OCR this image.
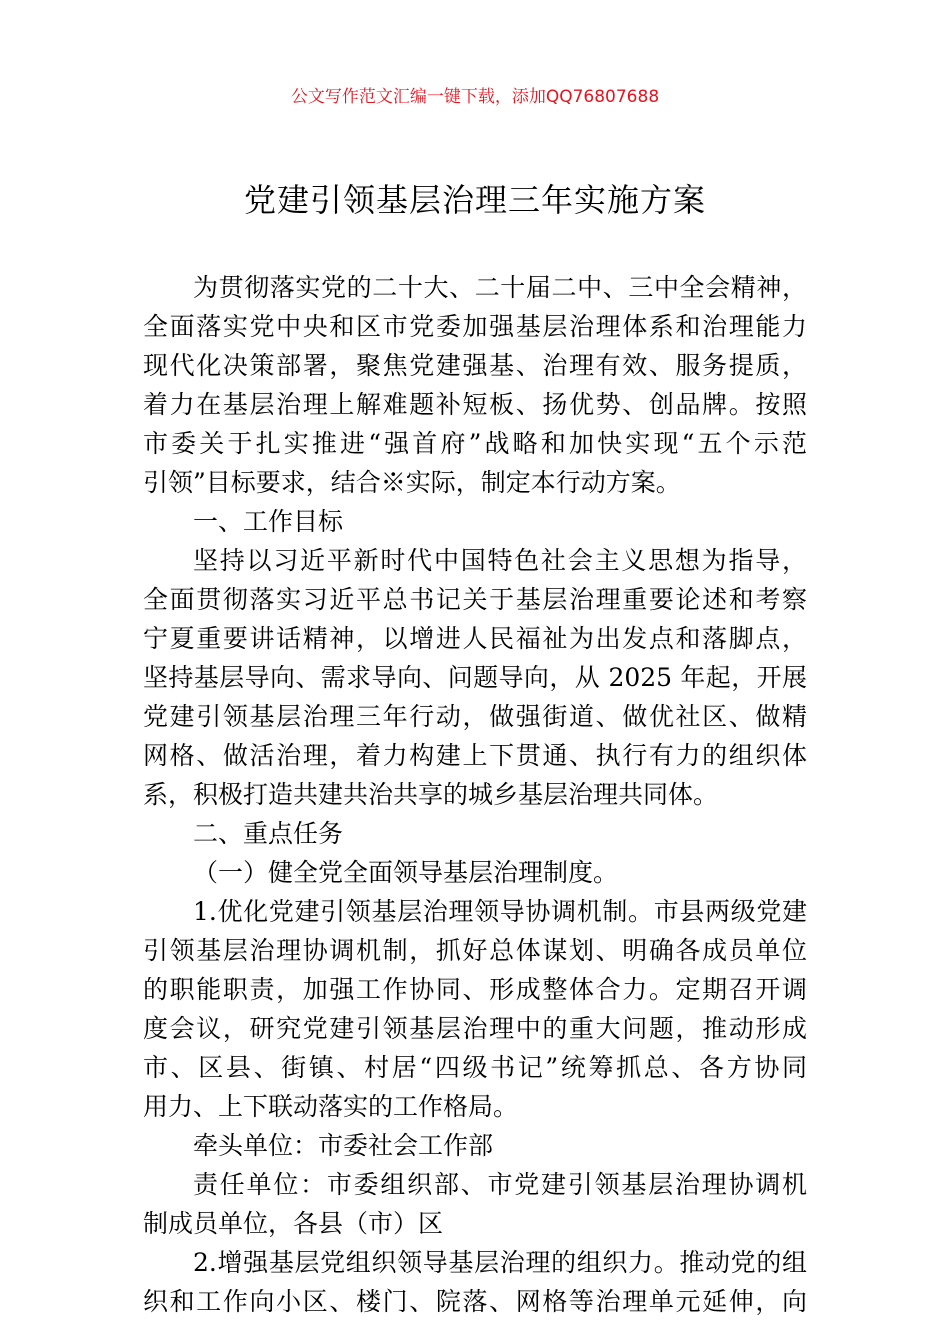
公文写作范文汇编一键下载，添加QQ76807688
党建引领基层治理三年实施方案
为贯彻落实党的二十大、二十届二中、三中全会精神，
全面落实党中央和区市党委加强基层治理体系和治理能力
现代化决策部署，聚焦党建强基、治理有效、服务提质，
着力在基层治理上解难题补短板、扬优势、创品牌。按照
市委关于扎实推进“强首府”战略和加快实现“五个示范
引领”目标要求，结合※实际，制定本行动方案。
一、工作目标
坚持以习近平新时代中国特色社会主义思想为指导，
全面贯彻落实习近平总书记关于基层治理重要论述和考察
宁夏重要讲话精神，以增进人民福祉为出发点和落脚点，
坚持基层导向、需求导向、问题导向，从 2025 年起，开展
党建引领基层治理三年行动，做强街道、做优社区、做精
网格、做活治理，着力构建上下贯通、执行有力的组织体
系，积极打造共建共治共享的城乡基层治理共同体。
二、重点任务
（一）健全党全面领导基层治理制度。
1.优化党建引领基层治理领导协调机制。市县两级党建
引领基层治理协调机制，抓好总体谋划、明确各成员单位
的职能职责，加强工作协同、形成整体合力。定期召开调
度会议，研究党建引领基层治理中的重大问题，推动形成
市、区县、街镇、村居“四级书记”统筹抓总、各方协同
用力、上下联动落实的工作格局。
牵头单位：市委社会工作部
责任单位：市委组织部、市党建引领基层治理协调机
制成员单位，各县（市）区
2.增强基层党组织领导基层治理的组织力。推动党的组
织和工作向小区、楼门、院落、网格等治理单元延伸，向
